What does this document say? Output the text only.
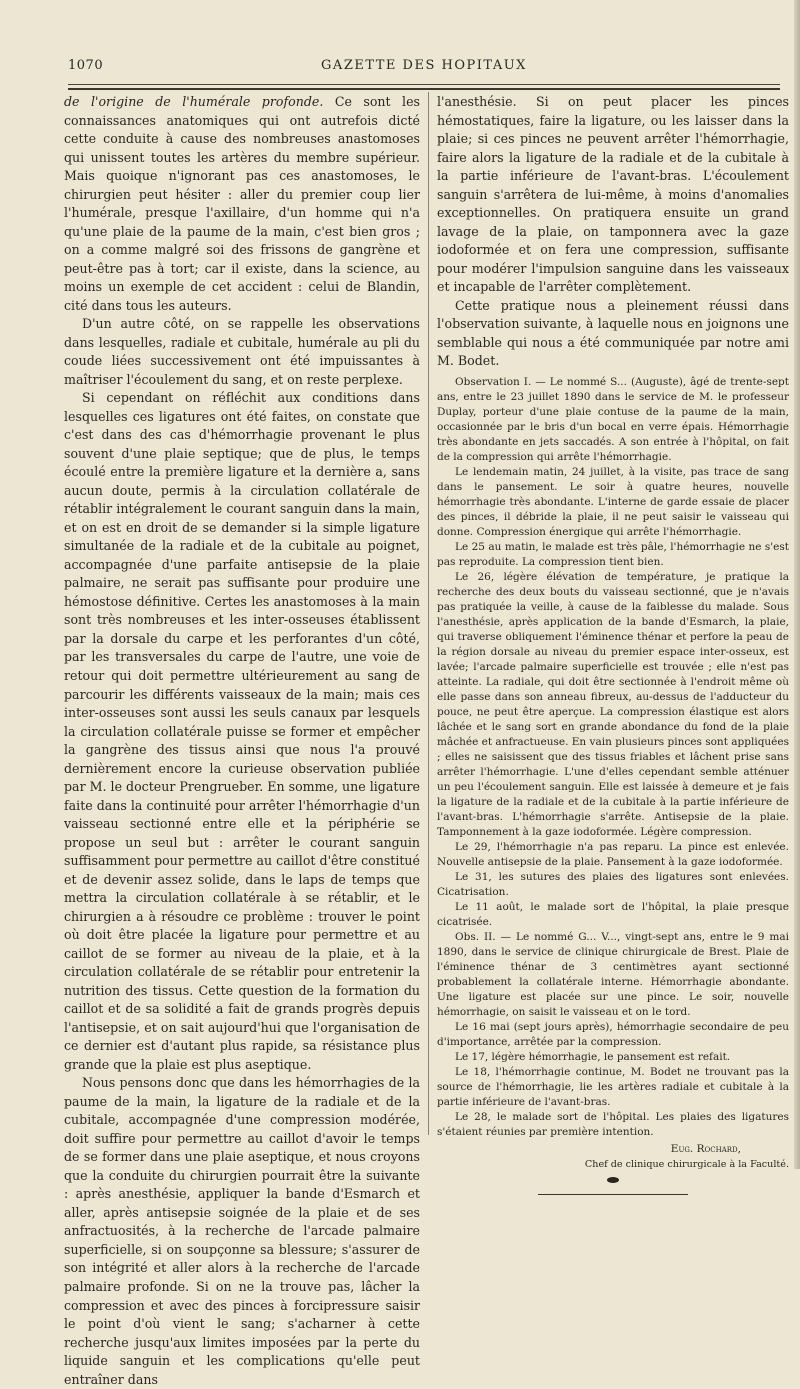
1070	GAZETTE DES HOPITAUX

de l'origine de l'humérale profonde. Ce sont les connaissances anatomiques qui ont autrefois dicté cette conduite à cause des nombreuses anastomoses qui unissent toutes les artères du membre supérieur. Mais quoique n'ignorant pas ces anastomoses, le chirurgien peut hésiter : aller du premier coup lier l'humérale, presque l'axillaire, d'un homme qui n'a qu'une plaie de la paume de la main, c'est bien gros ; on a comme malgré soi des frissons de gangrène et peut-être pas à tort; car il existe, dans la science, au moins un exemple de cet accident : celui de Blandin, cité dans tous les auteurs.

D'un autre côté, on se rappelle les observations dans lesquelles, radiale et cubitale, humérale au pli du coude liées successivement ont été impuissantes à maîtriser l'écoulement du sang, et on reste perplexe.

Si cependant on réfléchit aux conditions dans lesquelles ces ligatures ont été faites, on constate que c'est dans des cas d'hémorrhagie provenant le plus souvent d'une plaie septique; que de plus, le temps écoulé entre la première ligature et la dernière a, sans aucun doute, permis à la circulation collatérale de rétablir intégralement le courant sanguin dans la main, et on est en droit de se demander si la simple ligature simultanée de la radiale et de la cubitale au poignet, accompagnée d'une parfaite antisepsie de la plaie palmaire, ne serait pas suffisante pour produire une hémostose définitive. Certes les anastomoses à la main sont très nombreuses et les inter-osseuses établissent par la dorsale du carpe et les perforantes d'un côté, par les transversales du carpe de l'autre, une voie de retour qui doit permettre ultérieurement au sang de parcourir les différents vaisseaux de la main; mais ces inter-osseuses sont aussi les seuls canaux par lesquels la circulation collatérale puisse se former et empêcher la gangrène des tissus ainsi que nous l'a prouvé dernièrement encore la curieuse observation publiée par M. le docteur Prengrueber. En somme, une ligature faite dans la continuité pour arrêter l'hémorrhagie d'un vaisseau sectionné entre elle et la périphérie se propose un seul but : arrêter le courant sanguin suffisamment pour permettre au caillot d'être constitué et de devenir assez solide, dans le laps de temps que mettra la circulation collatérale à se rétablir, et le chirurgien a à résoudre ce problème : trouver le point où doit être placée la ligature pour permettre et au caillot de se former au niveau de la plaie, et à la circulation collatérale de se rétablir pour entretenir la nutrition des tissus. Cette question de la formation du caillot et de sa solidité a fait de grands progrès depuis l'antisepsie, et on sait aujourd'hui que l'organisation de ce dernier est d'autant plus rapide, sa résistance plus grande que la plaie est plus aseptique.

Nous pensons donc que dans les hémorrhagies de la paume de la main, la ligature de la radiale et de la cubitale, accompagnée d'une compression modérée, doit suffire pour permettre au caillot d'avoir le temps de se former dans une plaie aseptique, et nous croyons que la conduite du chirurgien pourrait être la suivante : après anesthésie, appliquer la bande d'Esmarch et aller, après antisepsie soignée de la plaie et de ses anfractuosités, à la recherche de l'arcade palmaire superficielle, si on soupçonne sa blessure; s'assurer de son intégrité et aller alors à la recherche de l'arcade palmaire profonde. Si on ne la trouve pas, lâcher la compression et avec des pinces à forcipressure saisir le point d'où vient le sang; s'acharner à cette recherche jusqu'aux limites imposées par la perte du liquide sanguin et les complications qu'elle peut entraîner dans

l'anesthésie. Si on peut placer les pinces hémostatiques, faire la ligature, ou les laisser dans la plaie; si ces pinces ne peuvent arrêter l'hémorrhagie, faire alors la ligature de la radiale et de la cubitale à la partie inférieure de l'avant-bras. L'écoulement sanguin s'arrêtera de lui-même, à moins d'anomalies exceptionnelles. On pratiquera ensuite un grand lavage de la plaie, on tamponnera avec la gaze iodoformée et on fera une compression, suffisante pour modérer l'impulsion sanguine dans les vaisseaux et incapable de l'arrêter complètement.

Cette pratique nous a pleinement réussi dans l'observation suivante, à laquelle nous en joignons une semblable qui nous a été communiquée par notre ami M. Bodet.

Observation I. — Le nommé S... (Auguste), âgé de trente-sept ans, entre le 23 juillet 1890 dans le service de M. le professeur Duplay, porteur d'une plaie contuse de la paume de la main, occasionnée par le bris d'un bocal en verre épais. Hémorrhagie très abondante en jets saccadés. A son entrée à l'hôpital, on fait de la compression qui arrête l'hémorrhagie.

Le lendemain matin, 24 juillet, à la visite, pas trace de sang dans le pansement. Le soir à quatre heures, nouvelle hémorrhagie très abondante. L'interne de garde essaie de placer des pinces, il débride la plaie, il ne peut saisir le vaisseau qui donne. Compression énergique qui arrête l'hémorrhagie.

Le 25 au matin, le malade est très pâle, l'hémorrhagie ne s'est pas reproduite. La compression tient bien.

Le 26, légère élévation de température, je pratique la recherche des deux bouts du vaisseau sectionné, que je n'avais pas pratiquée la veille, à cause de la faiblesse du malade. Sous l'anesthésie, après application de la bande d'Esmarch, la plaie, qui traverse obliquement l'éminence thénar et perfore la peau de la région dorsale au niveau du premier espace inter-osseux, est lavée; l'arcade palmaire superficielle est trouvée ; elle n'est pas atteinte. La radiale, qui doit être sectionnée à l'endroit même où elle passe dans son anneau fibreux, au-dessus de l'adducteur du pouce, ne peut être aperçue. La compression élastique est alors lâchée et le sang sort en grande abondance du fond de la plaie mâchée et anfractueuse. En vain plusieurs pinces sont appliquées ; elles ne saisissent que des tissus friables et lâchent prise sans arrêter l'hémorrhagie. L'une d'elles cependant semble atténuer un peu l'écoulement sanguin. Elle est laissée à demeure et je fais la ligature de la radiale et de la cubitale à la partie inférieure de l'avant-bras. L'hémorrhagie s'arrête. Antisepsie de la plaie. Tamponnement à la gaze iodoformée. Légère compression.

Le 29, l'hémorrhagie n'a pas reparu. La pince est enlevée. Nouvelle antisepsie de la plaie. Pansement à la gaze iodoformée.

Le 31, les sutures des plaies des ligatures sont enlevées. Cicatrisation.

Le 11 août, le malade sort de l'hôpital, la plaie presque cicatrisée.

Obs. II. — Le nommé G... V..., vingt-sept ans, entre le 9 mai 1890, dans le service de clinique chirurgicale de Brest. Plaie de l'éminence thénar de 3 centimètres ayant sectionné probablement la collatérale interne. Hémorrhagie abondante. Une ligature est placée sur une pince. Le soir, nouvelle hémorrhagie, on saisit le vaisseau et on le tord.

Le 16 mai (sept jours après), hémorrhagie secondaire de peu d'importance, arrêtée par la compression.

Le 17, légère hémorrhagie, le pansement est refait.

Le 18, l'hémorrhagie continue, M. Bodet ne trouvant pas la source de l'hémorrhagie, lie les artères radiale et cubitale à la partie inférieure de l'avant-bras.

Le 28, le malade sort de l'hôpital. Les plaies des ligatures s'étaient réunies par première intention.

Eug. Rochard,
Chef de clinique chirurgicale à la Faculté.
